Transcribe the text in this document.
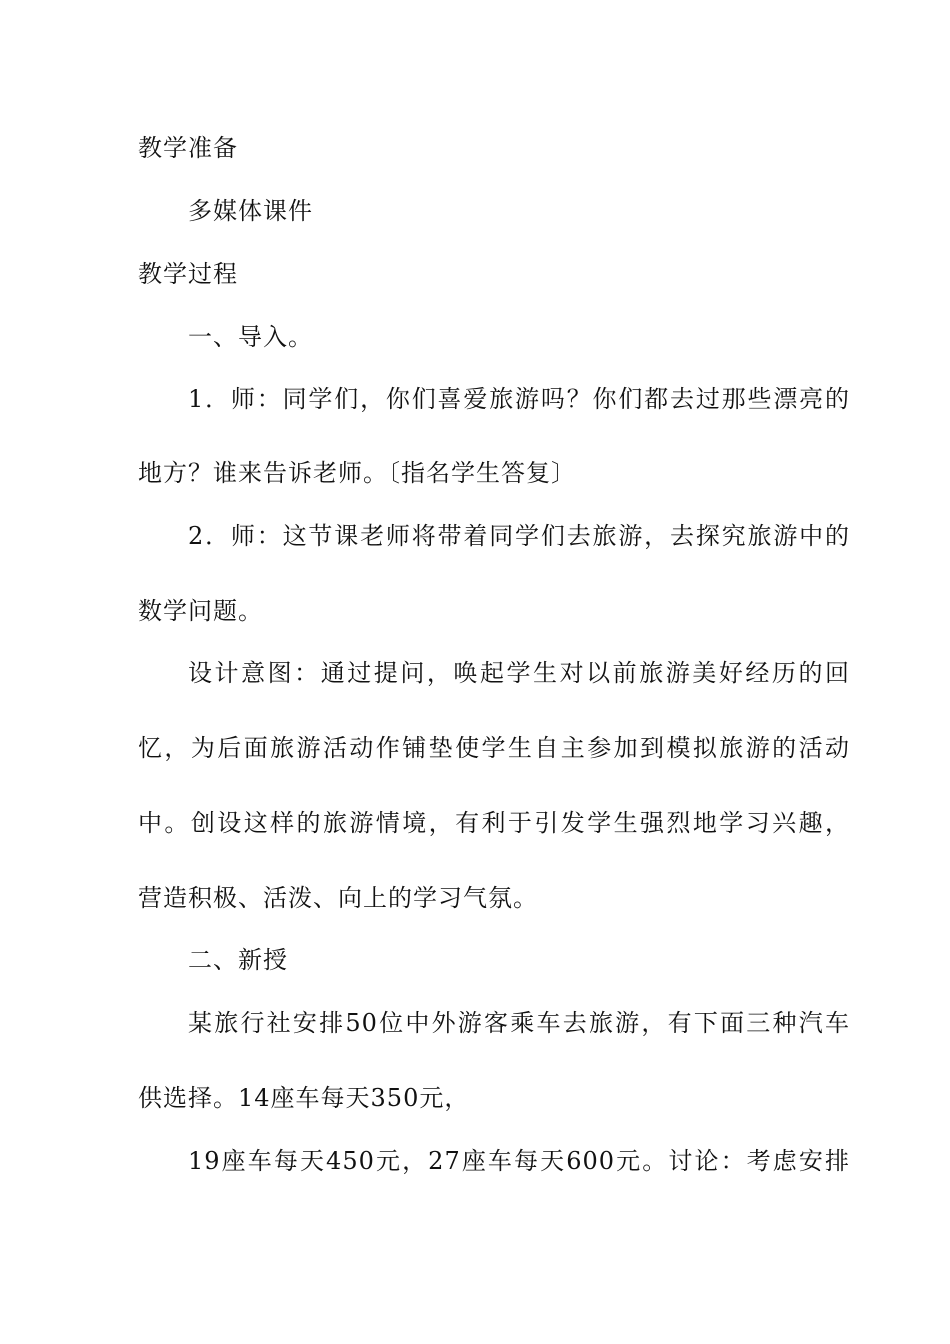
教学准备
多媒体课件
教学过程
一、导入。
1．师：同学们，你们喜爱旅游吗？你们都去过那些漂亮的
地方？谁来告诉老师。〔指名学生答复〕
2．师：这节课老师将带着同学们去旅游，去探究旅游中的
数学问题。
设计意图：通过提问，唤起学生对以前旅游美好经历的回
忆，为后面旅游活动作铺垫使学生自主参加到模拟旅游的活动
中。创设这样的旅游情境，有利于引发学生强烈地学习兴趣，
营造积极、活泼、向上的学习气氛。
二、新授
某旅行社安排50位中外游客乘车去旅游，有下面三种汽车
供选择。14座车每天350元，
19座车每天450元，27座车每天600元。讨论：考虑安排
